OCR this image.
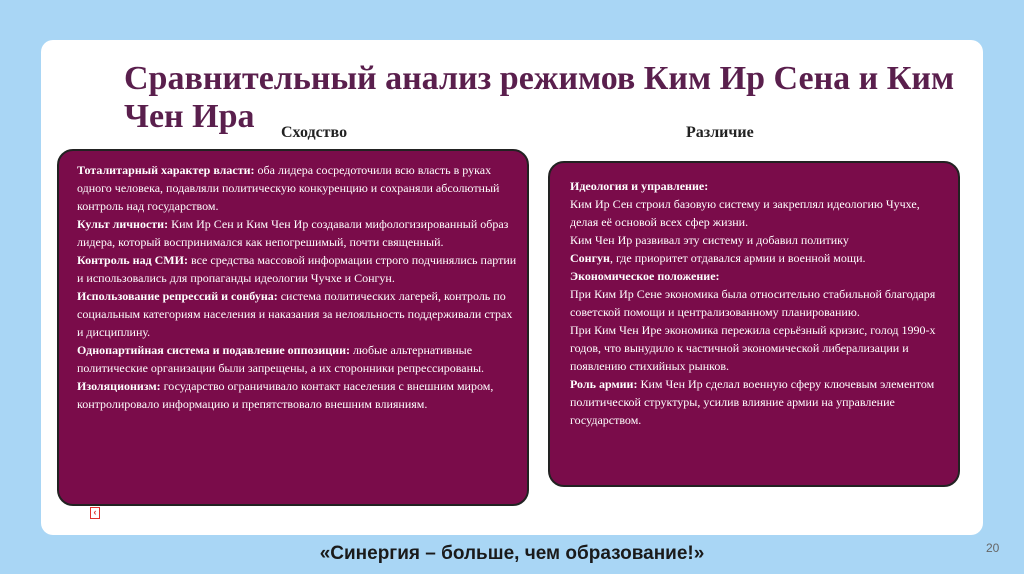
Сравнительный анализ режимов Ким Ир Сена и Ким Чен Ира	Сходство	Различие

Тоталитарный характер власти: оба лидера сосредоточили всю власть в руках одного человека, подавляли политическую конкуренцию и сохраняли абсолютный контроль над государством.

Культ личности: Ким Ир Сен и Ким Чен Ир создавали мифологизированный образ лидера, который воспринимался как непогрешимый, почти священный.

Контроль над СМИ: все средства массовой информации строго подчинялись партии и использовались для пропаганды идеологии Чучхе и Сонгун.

Использование репрессий и сонбуна: система политических лагерей, контроль по социальным категориям населения и наказания за нелояльность поддерживали страх и дисциплину.

Однопартийная система и подавление оппозиции: любые альтернативные политические организации были запрещены, а их сторонники репрессированы.

Изоляционизм: государство ограничивало контакт населения с внешним миром, контролировало информацию и препятствовало внешним влияниям.

Идеология и управление:

Ким Ир Сен строил базовую систему и закреплял идеологию Чучхе, делая её основой всех сфер жизни.

Ким Чен Ир развивал эту систему и добавил политику

Сонгун, где приоритет отдавался армии и военной мощи.

Экономическое положение:

При Ким Ир Сене экономика была относительно стабильной благодаря советской помощи и централизованному планированию.

При Ким Чен Ире экономика пережила серьёзный кризис, голод 1990-х годов, что вынудило к частичной экономической либерализации и появлению стихийных рынков.

Роль армии: Ким Чен Ир сделал военную сферу ключевым элементом политической структуры, усилив влияние армии на управление государством.

‹
«Синергия – больше, чем образование!»	20
